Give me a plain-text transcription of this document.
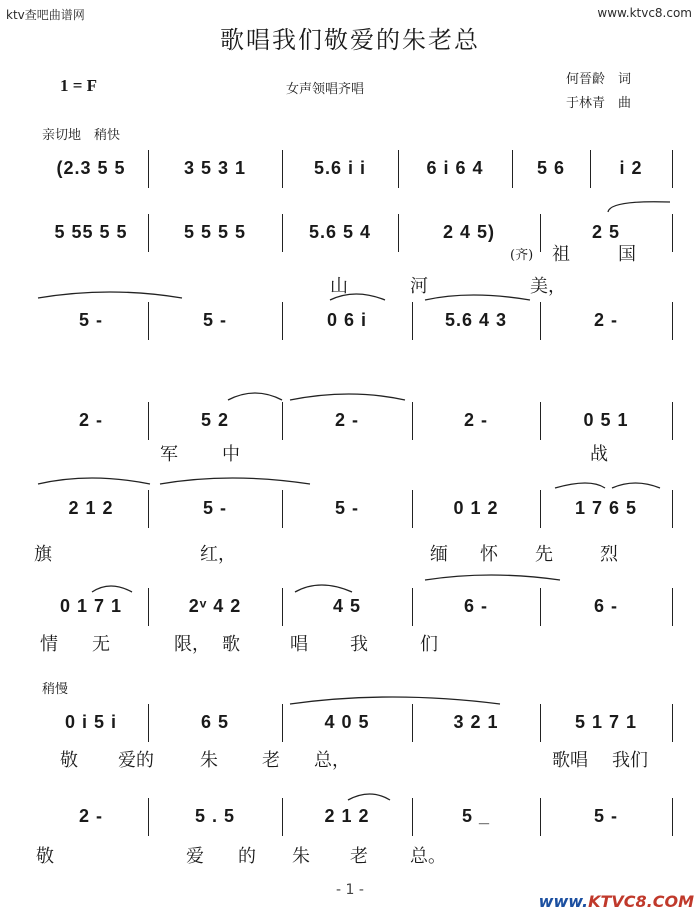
ktv查吧曲谱网	www.ktvc8.com
歌唱我们敬爱的朱老总
1 = F	女声领唱齐唱
何晉齡　词
于林青　曲
亲切地　稍快
稍慢
(2.3 5 5	3 5 3 1	5.6 i i	6 i 6 4	5 6	i 2
5 55 5 5	5 5 5 5	5.6 5 4	2 4 5)	2 5
5 -	5 -	0 6 i	5.6 4 3	2 -
(齐) 祖	国
山	河	美，
2 -	5 2	2 -	2 -	0 5 1
军 中	战
2 1 2	5 -	5 -	0 1 2	1 7 6 5
旗	红，	缅 怀 先	烈
0 1 7 1	2ᵛ 4 2	4 5	6 -	6 -
情 无	限， 歌	唱 我	们
0 i 5 i	6 5	4 0 5	3 2 1	5 1 7 1
敬 爱的	朱 老 总，	歌唱 我们
2 -	5 . 5	2 1 2	5 _	5 -
敬	爱 的 朱 老 总。
- 1 -
www.KTVC8.COM
